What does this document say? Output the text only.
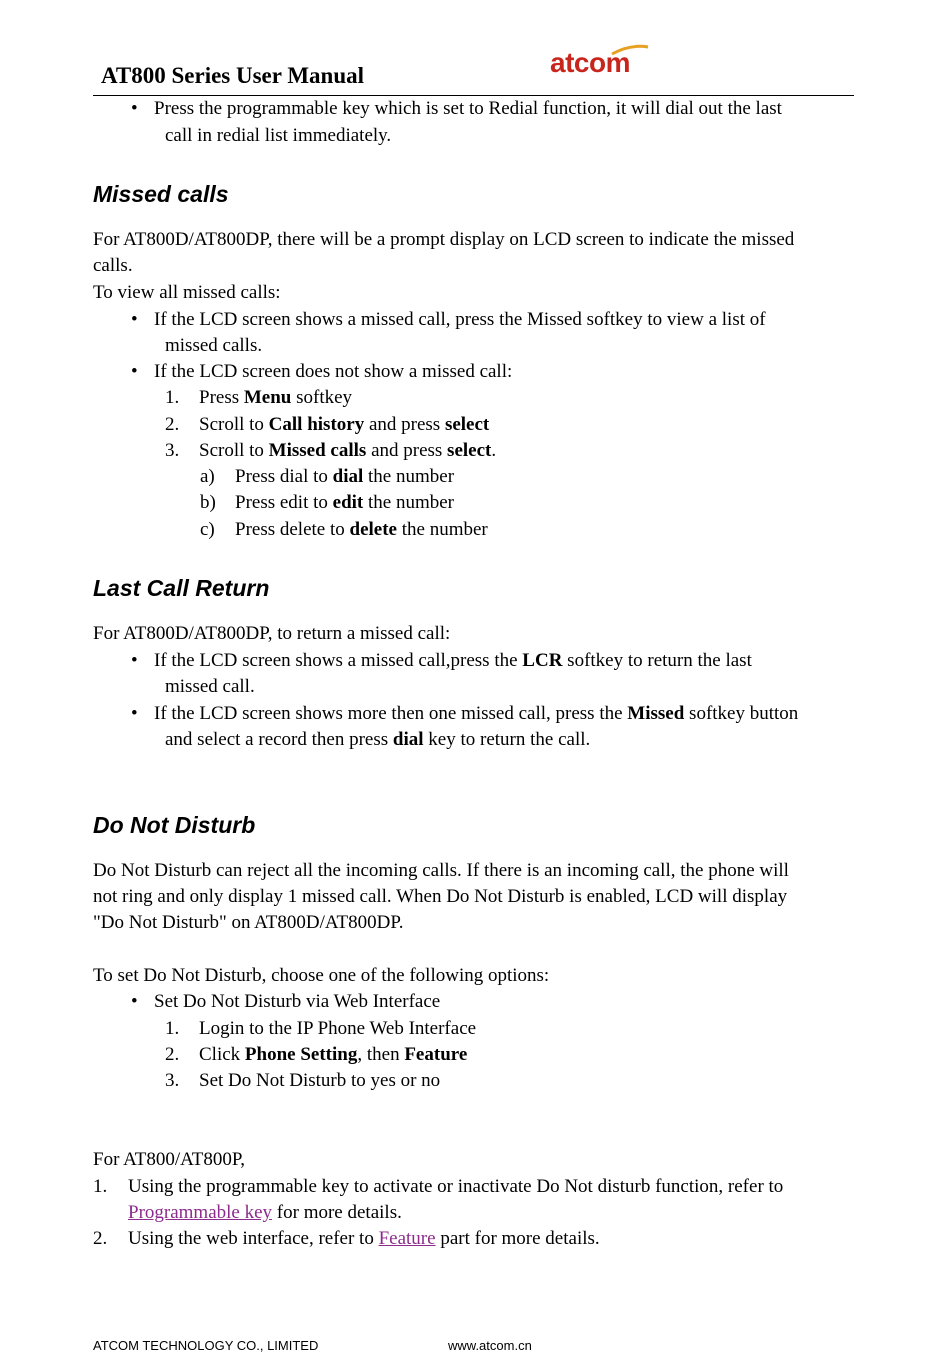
AT800 Series User Manual	atcom
• Press the programmable key which is set to Redial function, it will dial out the last
call in redial list immediately.
Missed calls
For AT800D/AT800DP, there will be a prompt display on LCD screen to indicate the missed
calls.
To view all missed calls:
• If the LCD screen shows a missed call, press the Missed softkey to view a list of
missed calls.
• If the LCD screen does not show a missed call:
1. Press Menu softkey
2. Scroll to Call history and press select
3. Scroll to Missed calls and press select.
a) Press dial to dial the number
b) Press edit to edit the number
c) Press delete to delete the number
Last Call Return
For AT800D/AT800DP, to return a missed call:
• If the LCD screen shows a missed call,press the LCR softkey to return the last
missed call.
• If the LCD screen shows more then one missed call, press the Missed softkey button
and select a record then press dial key to return the call.
Do Not Disturb
Do Not Disturb can reject all the incoming calls. If there is an incoming call, the phone will
not ring and only display 1 missed call. When Do Not Disturb is enabled, LCD will display
"Do Not Disturb" on AT800D/AT800DP.
To set Do Not Disturb, choose one of the following options:
• Set Do Not Disturb via Web Interface
1. Login to the IP Phone Web Interface
2. Click Phone Setting, then Feature
3. Set Do Not Disturb to yes or no
For AT800/AT800P,
1. Using the programmable key to activate or inactivate Do Not disturb function, refer to
Programmable key for more details.
2. Using the web interface, refer to Feature part for more details.
ATCOM TECHNOLOGY CO., LIMITED	www.atcom.cn
